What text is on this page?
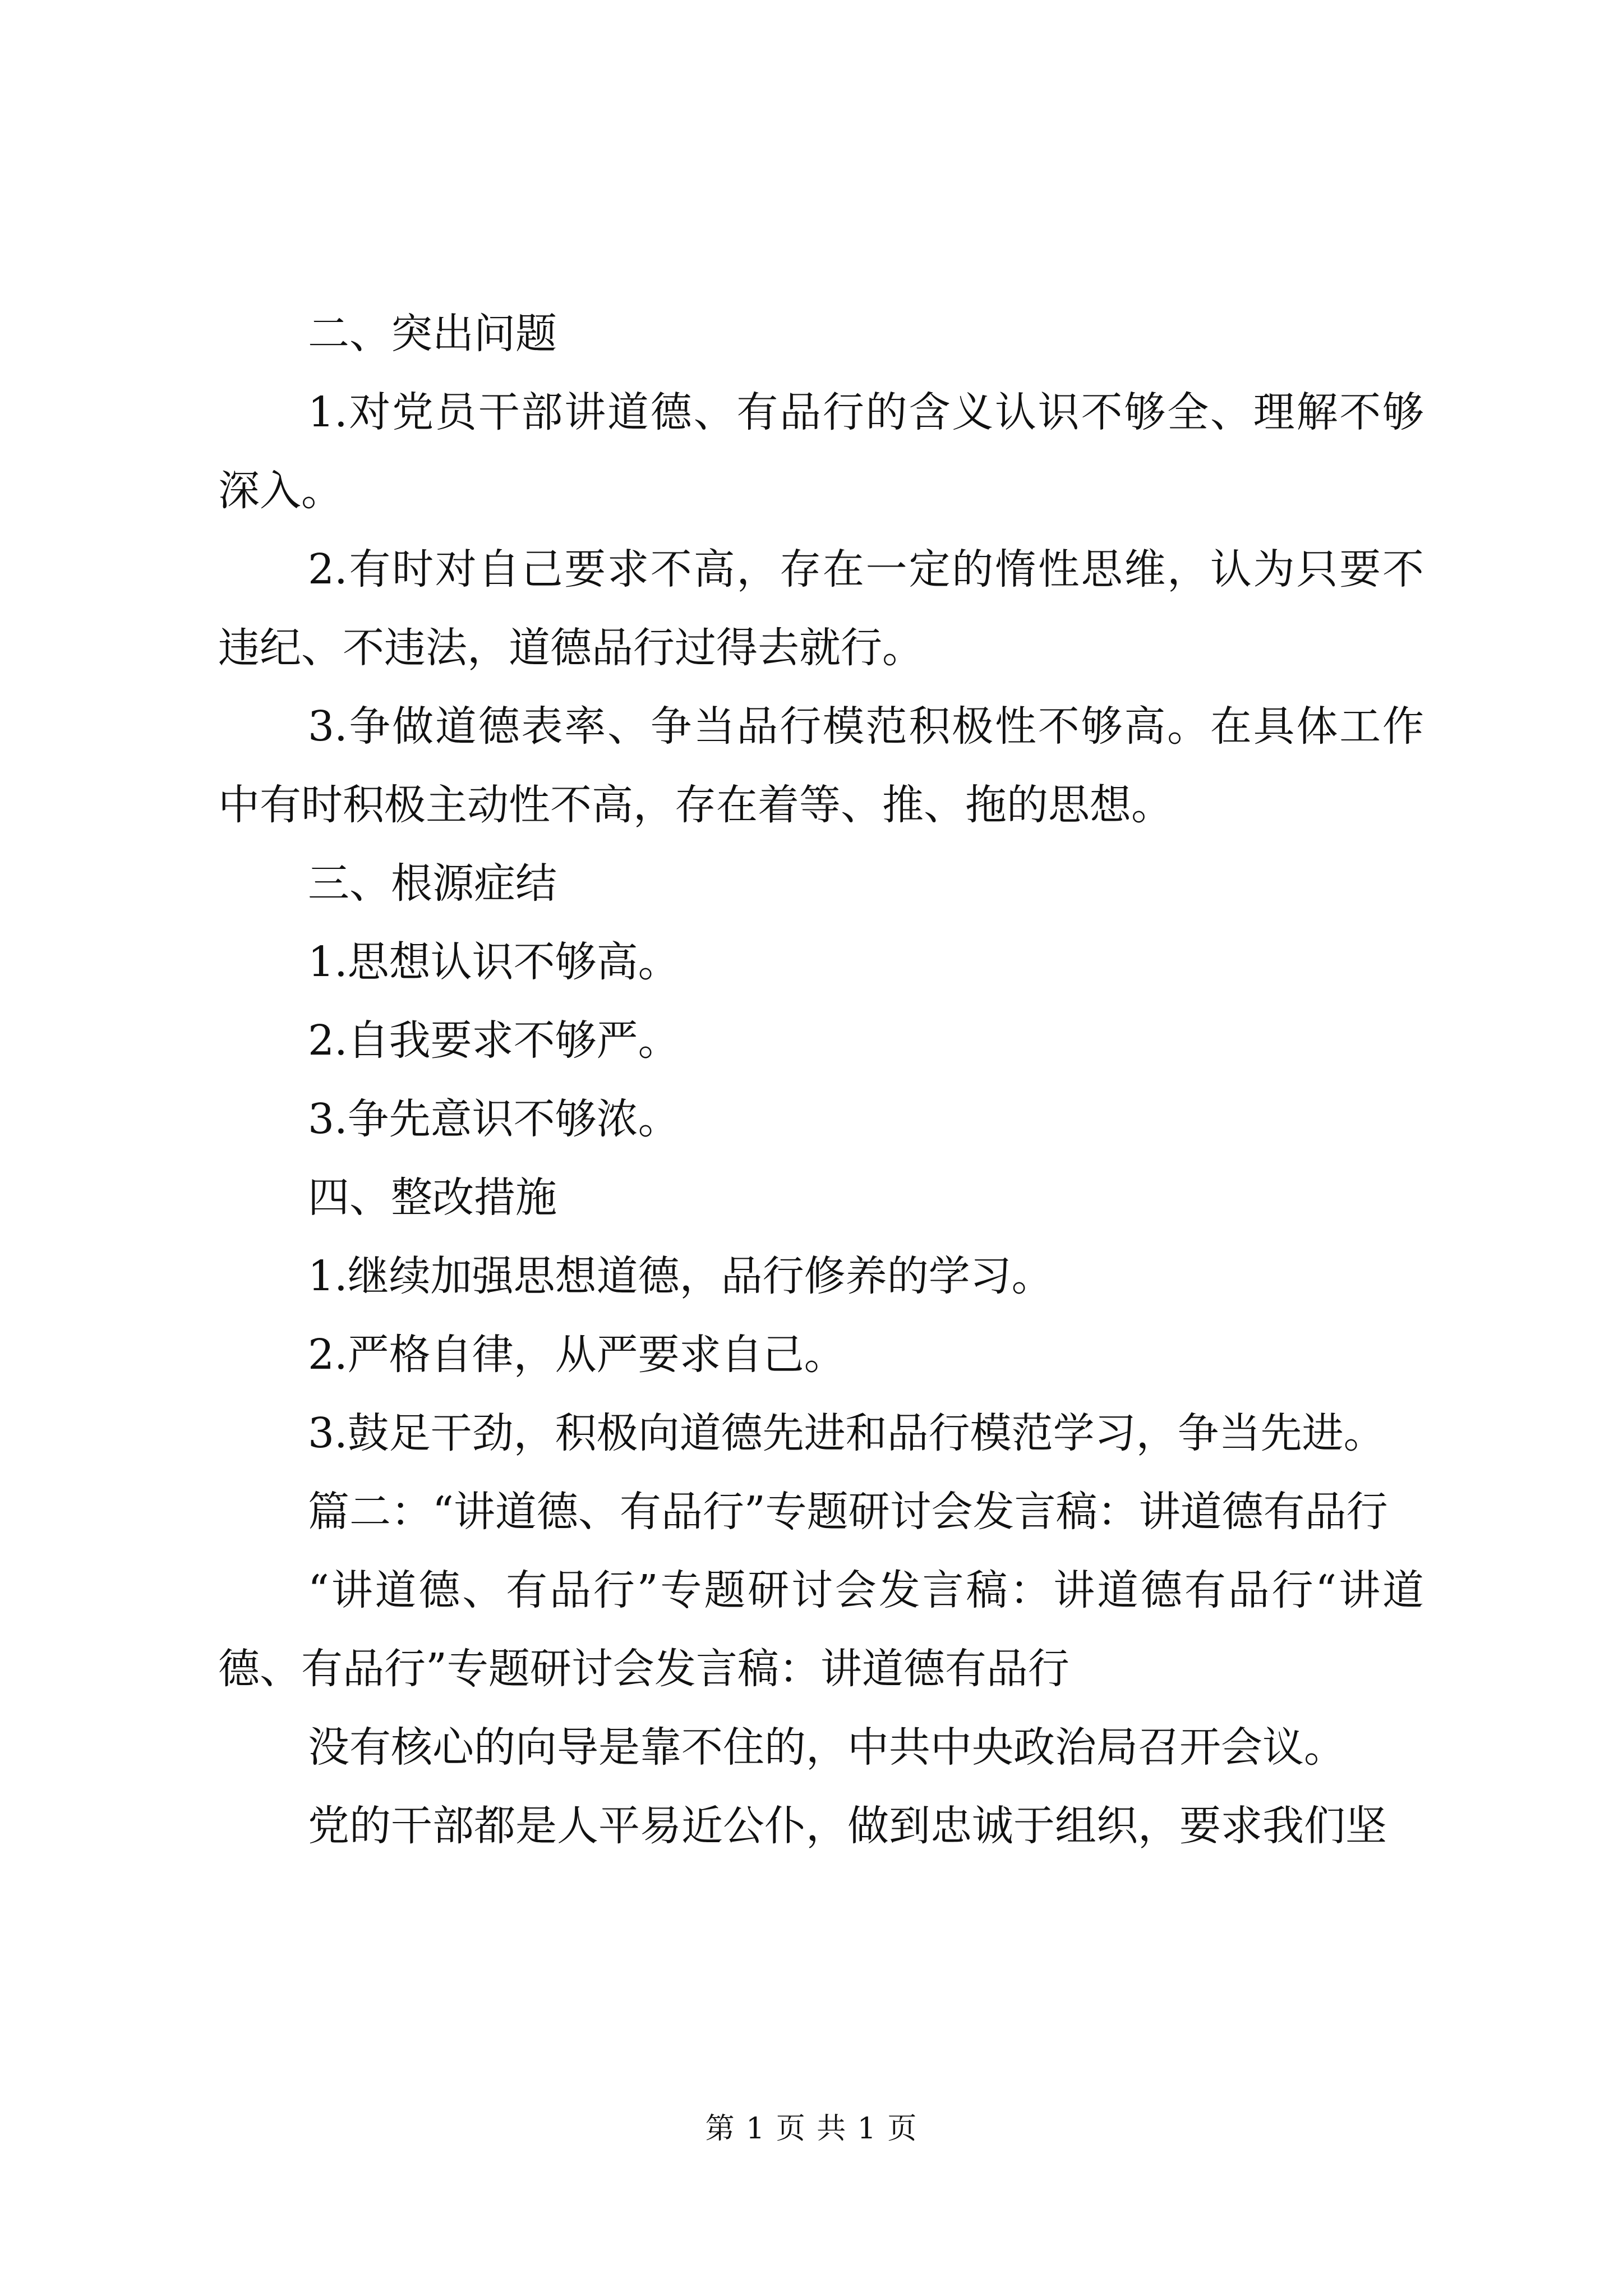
二、突出问题

1.对党员干部讲道德、有品行的含义认识不够全、理解不够深入。

2.有时对自己要求不高，存在一定的惰性思维，认为只要不违纪、不违法，道德品行过得去就行。

3.争做道德表率、争当品行模范积极性不够高。在具体工作中有时积极主动性不高，存在着等、推、拖的思想。

三、根源症结

1.思想认识不够高。

2.自我要求不够严。

3.争先意识不够浓。

四、整改措施

1.继续加强思想道德，品行修养的学习。

2.严格自律，从严要求自己。

3.鼓足干劲，积极向道德先进和品行模范学习，争当先进。

篇二：“讲道德、有品行”专题研讨会发言稿：讲道德有品行

“讲道德、有品行”专题研讨会发言稿：讲道德有品行“讲道德、有品行”专题研讨会发言稿：讲道德有品行

没有核心的向导是靠不住的，中共中央政治局召开会议。

党的干部都是人平易近公仆，做到忠诚于组织，要求我们坚

第 1 页 共 1 页
